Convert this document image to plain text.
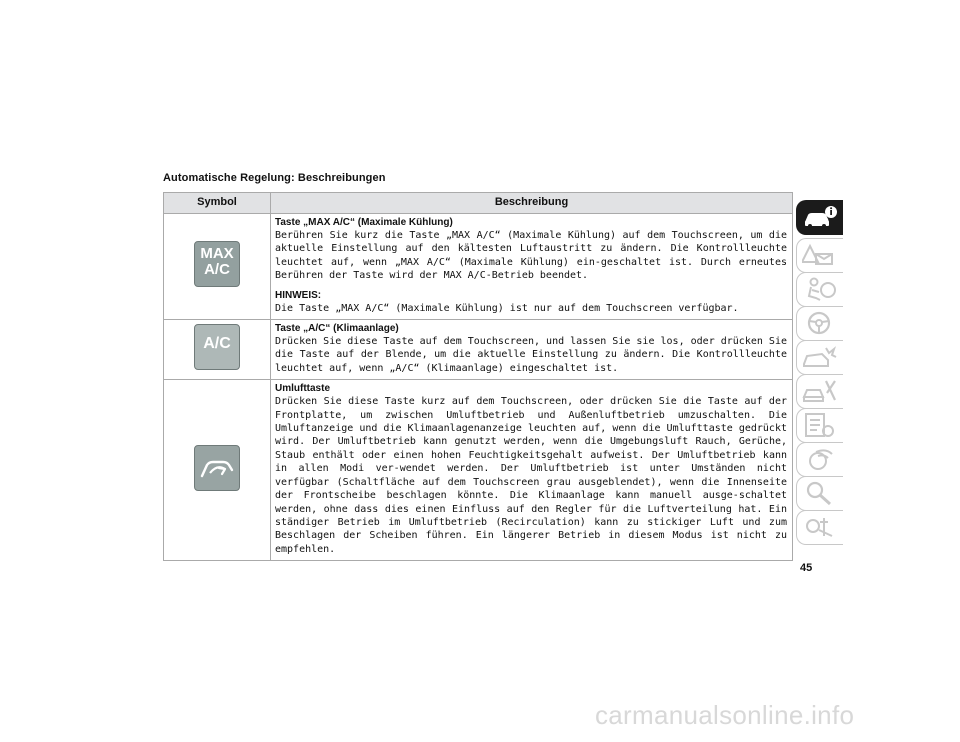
Automatische Regelung: Beschreibungen
Symbol	Beschreibung

MAX
A/C	Taste „MAX A/C“ (Maximale Kühlung)
Berühren Sie kurz die Taste „MAX A/C“ (Maximale Kühlung) auf dem Touchscreen, um die aktuelle Einstellung auf den kältesten Luftaustritt zu ändern. Die Kontrollleuchte leuchtet auf, wenn „MAX A/C“ (Maximale Kühlung) ein-geschaltet ist. Durch erneutes Berühren der Taste wird der MAX A/C-Betrieb beendet.
HINWEIS:
Die Taste „MAX A/C“ (Maximale Kühlung) ist nur auf dem Touchscreen verfügbar.

A/C	Taste „A/C“ (Klimaanlage)
Drücken Sie diese Taste auf dem Touchscreen, und lassen Sie sie los, oder drücken Sie die Taste auf der Blende, um die aktuelle Einstellung zu ändern. Die Kontrollleuchte leuchtet auf, wenn „A/C“ (Klimaanlage) eingeschaltet ist.

Umlufttaste
Drücken Sie diese Taste kurz auf dem Touchscreen, oder drücken Sie die Taste auf der Frontplatte, um zwischen Umluftbetrieb und Außenluftbetrieb umzuschalten. Die Umluftanzeige und die Klimaanlagenanzeige leuchten auf, wenn die Umlufttaste gedrückt wird. Der Umluftbetrieb kann genutzt werden, wenn die Umgebungsluft Rauch, Gerüche, Staub enthält oder einen hohen Feuchtigkeitsgehalt aufweist. Der Umluftbetrieb kann in allen Modi ver-wendet werden. Der Umluftbetrieb ist unter Umständen nicht verfügbar (Schaltfläche auf dem Touchscreen grau ausgeblendet), wenn die Innenseite der Frontscheibe beschlagen könnte. Die Klimaanlage kann manuell ausge-schaltet werden, ohne dass dies einen Einfluss auf den Regler für die Luftverteilung hat. Ein ständiger Betrieb im Umluftbetrieb (Recirculation) kann zu stickiger Luft und zum Beschlagen der Scheiben führen. Ein längerer Betrieb in diesem Modus ist nicht zu empfehlen.
45
carmanualsonline.info
